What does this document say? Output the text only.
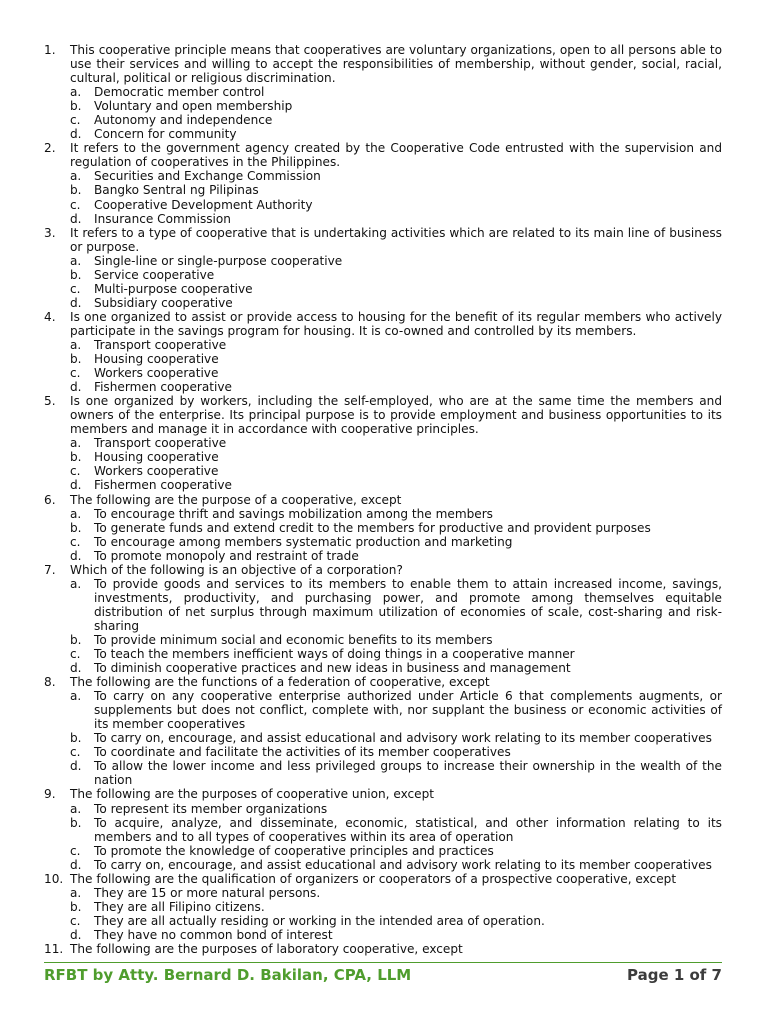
1.	This cooperative principle means that cooperatives are voluntary organizations, open to all persons able to use their services and willing to accept the responsibilities of membership, without gender, social, racial, cultural, political or religious discrimination.
a.	Democratic member control
b.	Voluntary and open membership
c.	Autonomy and independence
d.	Concern for community
2.	It refers to the government agency created by the Cooperative Code entrusted with the supervision and regulation of cooperatives in the Philippines.
a.	Securities and Exchange Commission
b.	Bangko Sentral ng Pilipinas
c.	Cooperative Development Authority
d.	Insurance Commission
3.	It refers to a type of cooperative that is undertaking activities which are related to its main line of business or purpose.
a.	Single-line or single-purpose cooperative
b.	Service cooperative
c.	Multi-purpose cooperative
d.	Subsidiary cooperative
4.	Is one organized to assist or provide access to housing for the benefit of its regular members who actively participate in the savings program for housing. It is co-owned and controlled by its members.
a.	Transport cooperative
b.	Housing cooperative
c.	Workers cooperative
d.	Fishermen cooperative
5.	Is one organized by workers, including the self-employed, who are at the same time the members and owners of the enterprise. Its principal purpose is to provide employment and business opportunities to its members and manage it in accordance with cooperative principles.
a.	Transport cooperative
b.	Housing cooperative
c.	Workers cooperative
d.	Fishermen cooperative
6.	The following are the purpose of a cooperative, except
a.	To encourage thrift and savings mobilization among the members
b.	To generate funds and extend credit to the members for productive and provident purposes
c.	To encourage among members systematic production and marketing
d.	To promote monopoly and restraint of trade
7.	Which of the following is an objective of a corporation?
a.	To provide goods and services to its members to enable them to attain increased income, savings, investments, productivity, and purchasing power, and promote among themselves equitable distribution of net surplus through maximum utilization of economies of scale, cost-sharing and risk-sharing
b.	To provide minimum social and economic benefits to its members
c.	To teach the members inefficient ways of doing things in a cooperative manner
d.	To diminish cooperative practices and new ideas in business and management
8.	The following are the functions of a federation of cooperative, except
a.	To carry on any cooperative enterprise authorized under Article 6 that complements augments, or supplements but does not conflict, complete with, nor supplant the business or economic activities of its member cooperatives
b.	To carry on, encourage, and assist educational and advisory work relating to its member cooperatives
c.	To coordinate and facilitate the activities of its member cooperatives
d.	To allow the lower income and less privileged groups to increase their ownership in the wealth of the nation
9.	The following are the purposes of cooperative union, except
a.	To represent its member organizations
b.	To acquire, analyze, and disseminate, economic, statistical, and other information relating to its members and to all types of cooperatives within its area of operation
c.	To promote the knowledge of cooperative principles and practices
d.	To carry on, encourage, and assist educational and advisory work relating to its member cooperatives
10. The following are the qualification of organizers or cooperators of a prospective cooperative, except
a.	They are 15 or more natural persons.
b.	They are all Filipino citizens.
c.	They are all actually residing or working in the intended area of operation.
d.	They have no common bond of interest
11. The following are the purposes of laboratory cooperative, except
RFBT by Atty. Bernard D. Bakilan, CPA, LLM	Page 1 of 7
